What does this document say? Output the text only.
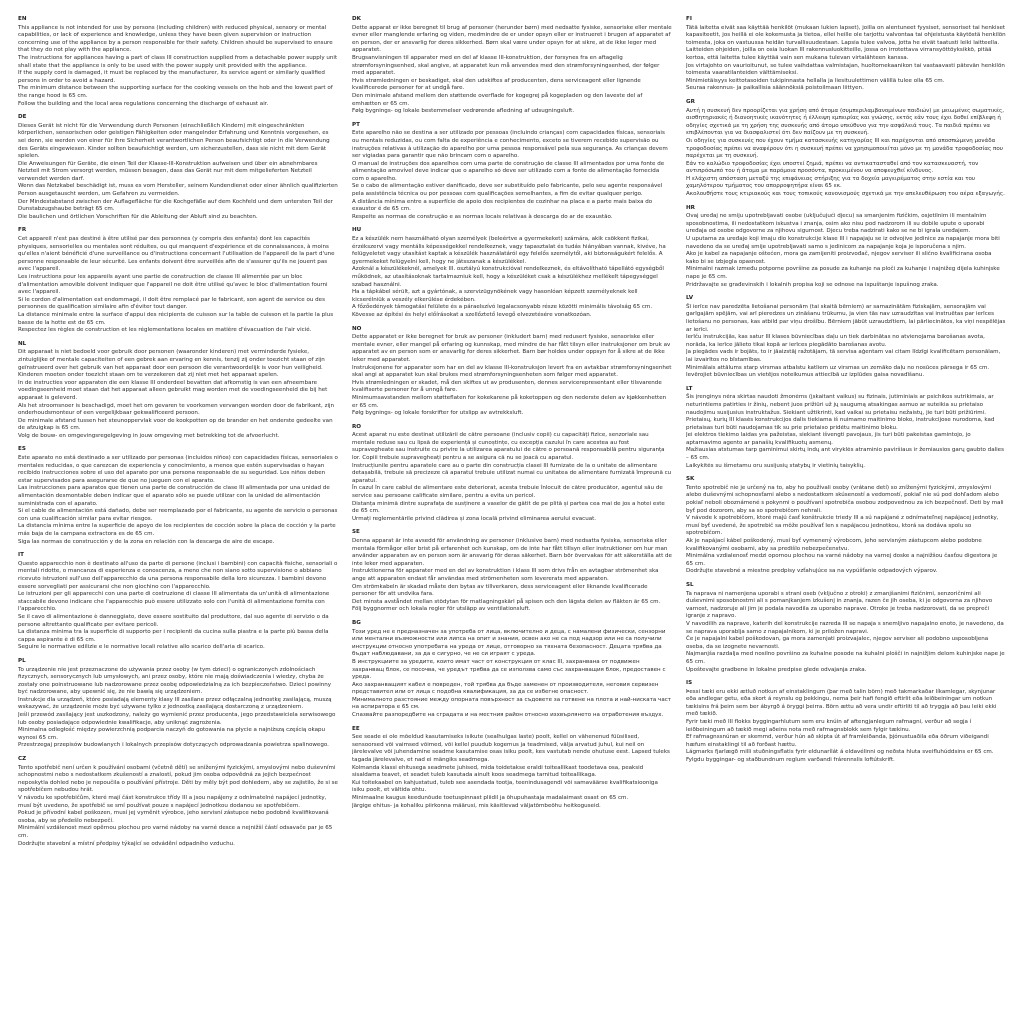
EN

This appliance is not intended for use by persons (including children) with reduced physical, sensory or mental capabilities, or lack of experience and knowledge, unless they have been given supervision or instruction concerning use of the appliance by a person responsible for their safety. Children should be supervised to ensure that they do not play with the appliance.
The instructions for appliances having a part of class III construction supplied from a detachable power supply unit shall state that the appliance is only to be used with the power supply unit provided with the appliance.
If the supply cord is damaged, it must be replaced by the manufacturer, its service agent or similarly qualified persons in order to avoid a hazard.
The minimum distance between the supporting surface for the cooking vessels on the hob and the lowest part of the range hood is 65 cm.
Follow the building and the local area regulations concerning the discharge of exhaust air.

DE

Dieses Gerät ist nicht für die Verwendung durch Personen (einschließlich Kindern) mit eingeschränkten körperlichen, sensorischen oder geistigen Fähigkeiten oder mangelnder Erfahrung und Kenntnis vorgesehen, es sei denn, sie werden von einer für ihre Sicherheit verantwortlichen Person beaufsichtigt oder in die Verwendung des Geräts eingewiesen. Kinder sollten beaufsichtigt werden, um sicherzustellen, dass sie nicht mit dem Gerät spielen.
Die Anweisungen für Geräte, die einen Teil der Klasse-III-Konstruktion aufweisen und über ein abnehmbares Netzteil mit Strom versorgt werden, müssen besagen, dass das Gerät nur mit dem mitgelieferten Netzteil verwendet werden darf.
Wenn das Netzkabel beschädigt ist, muss es vom Hersteller, seinem Kundendienst oder einer ähnlich qualifizierten Person ausgetauscht werden, um Gefahren zu vermeiden.
Der Mindestabstand zwischen der Auflagefläche für die Kochgefäße auf dem Kochfeld und dem untersten Teil der Dunstabzugshaube beträgt 65 cm.
Die baulichen und örtlichen Vorschriften für die Ableitung der Abluft sind zu beachten.

FR

Cet appareil n'est pas destiné à être utilisé par des personnes (y compris des enfants) dont les capacités physiques, sensorielles ou mentales sont réduites, ou qui manquent d'expérience et de connaissances, à moins qu'elles n'aient bénéficié d'une surveillance ou d'instructions concernant l'utilisation de l'appareil de la part d'une personne responsable de leur sécurité. Les enfants doivent être surveillés afin de s'assurer qu'ils ne jouent pas avec l'appareil.
Les instructions pour les appareils ayant une partie de construction de classe III alimentée par un bloc d'alimentation amovible doivent indiquer que l'appareil ne doit être utilisé qu'avec le bloc d'alimentation fourni avec l'appareil.
Si le cordon d'alimentation est endommagé, il doit être remplacé par le fabricant, son agent de service ou des personnes de qualification similaire afin d'éviter tout danger.
La distance minimale entre la surface d'appui des récipients de cuisson sur la table de cuisson et la partie la plus basse de la hotte est de 65 cm.
Respectez les règles de construction et les réglementations locales en matière d'évacuation de l'air vicié.

NL

Dit apparaat is niet bedoeld voor gebruik door personen (waaronder kinderen) met verminderde fysieke, zintuiglijke of mentale capaciteiten of een gebrek aan ervaring en kennis, tenzij zij onder toezicht staan of zijn geïnstrueerd over het gebruik van het apparaat door een persoon die verantwoordelijk is voor hun veiligheid. Kinderen moeten onder toezicht staan om te verzekeren dat zij niet met het apparaat spelen.
In de instructies voor apparaten die een klasse III onderdeel bevatten dat afkomstig is van een afneembare voedingseenheid moet staan dat het apparaat alleen gebruikt mag worden met de voedingseenheid die bij het apparaat is geleverd.
Als het stroomsnoer is beschadigd, moet het om gevaren te voorkomen vervangen worden door de fabrikant, zijn onderhoudsmonteur of een vergelijkbaar gekwalificeerd persoon.
De minimale afstand tussen het steunoppervlak voor de kookpotten op de brander en het onderste gedeelte van de afzuigkap is 65 cm.
Volg de bouw- en omgevingsregelgeving in jouw omgeving met betrekking tot de afvoerlucht.

ES

Este aparato no está destinado a ser utilizado por personas (incluidos niños) con capacidades físicas, sensoriales o mentales reducidas, o que carezcan de experiencia y conocimiento, a menos que estén supervisadas o hayan recibido instrucciones sobre el uso del aparato por una persona responsable de su seguridad. Los niños deben estar supervisados para asegurarse de que no jueguen con el aparato.
Las instrucciones para aparatos que tienen una parte de construcción de clase III alimentada por una unidad de alimentación desmontable deben indicar que el aparato sólo se puede utilizar con la unidad de alimentación suministrada con el aparato.
Si el cable de alimentación está dañado, debe ser reemplazado por el fabricante, su agente de servicio o personas con una cualificación similar para evitar riesgos.
La distancia mínima entre la superficie de apoyo de los recipientes de cocción sobre la placa de cocción y la parte más baja de la campana extractora es de 65 cm.
Siga las normas de construcción y de la zona en relación con la descarga de aire de escape.

IT

Questo apparecchio non è destinato all'uso da parte di persone (inclusi i bambini) con capacità fisiche, sensoriali o mentali ridotte, o mancanza di esperienza e conoscenza, a meno che non siano sotto supervisione o abbiano ricevuto istruzioni sull'uso dell'apparecchio da una persona responsabile della loro sicurezza. I bambini devono essere sorvegliati per assicurarsi che non giochino con l'apparecchio.
Le istruzioni per gli apparecchi con una parte di costruzione di classe III alimentata da un'unità di alimentazione staccabile devono indicare che l'apparecchio può essere utilizzato solo con l'unità di alimentazione fornita con l'apparecchio.
Se il cavo di alimentazione è danneggiato, deve essere sostituito dal produttore, dal suo agente di servizio o da persone altrettanto qualificate per evitare pericoli.
La distanza minima tra la superficie di supporto per i recipienti da cucina sulla piastra e la parte più bassa della cappa aspirante è di 65 cm.
Seguire le normative edilizie e le normative locali relative allo scarico dell'aria di scarico.

PL

To urządzenie nie jest przeznaczone do używania przez osoby (w tym dzieci) o ograniczonych zdolnościach fizycznych, sensorycznych lub umysłowych, ani przez osoby, które nie mają doświadczenia i wiedzy, chyba że zostały one poinstruowane lub nadzorowane przez osobę odpowiedzialną za ich bezpieczeństwo. Dzieci powinny być nadzorowane, aby upewnić się, że nie bawią się urządzeniem.
Instrukcje dla urządzeń, które posiadają elementy klasy III zasilane przez odłączalną jednostkę zasilającą, muszą wskazywać, że urządzenie może być używane tylko z jednostką zasilającą dostarczoną z urządzeniem.
Jeśli przewód zasilający jest uszkodzony, należy go wymienić przez producenta, jego przedstawiciela serwisowego lub osoby posiadające odpowiednie kwalifikacje, aby uniknąć zagrożenia.
Minimalna odległość między powierzchnią podparcia naczyń do gotowania na płycie a najniższą częścią okapu wynosi 65 cm.
Przestrzegaj przepisów budowlanych i lokalnych przepisów dotyczących odprowadzania powietrza spalinowego.

CZ

Tento spotřebič není určen k používání osobami (včetně dětí) se sníženými fyzickými, smyslovými nebo duševními schopnostmi nebo s nedostatkem zkušeností a znalostí, pokud jim osoba odpovědná za jejich bezpečnost neposkytla dohled nebo je nepoučila o používání přístroje. Děti by měly být pod dohledem, aby se zajistilo, že si se spotřebičem nebudou hrát.
V návodu ke spotřebičům, které mají část konstrukce třídy III a jsou napájeny z odnímatelné napájecí jednotky, musí být uvedeno, že spotřebič se smí používat pouze s napájecí jednotkou dodanou se spotřebičem.
Pokud je přívodní kabel poškozen, musí jej vyměnit výrobce, jeho servisní zástupce nebo podobně kvalifikovaná osoba, aby se předešlo nebezpečí.
Minimální vzdálenost mezi opěrnou plochou pro varné nádoby na varné desce a nejnižší částí odsavače par je 65 cm.
Dodržujte stavební a místní předpisy týkající se odvádění odpadního vzduchu.

DK

Dette apparat er ikke beregnet til brug af personer (herunder børn) med nedsatte fysiske, sensoriske eller mentale evner eller manglende erfaring og viden, medmindre de er under opsyn eller er instrueret i brugen af apparatet af en person, der er ansvarlig for deres sikkerhed. Børn skal være under opsyn for at sikre, at de ikke leger med apparatet.
Brugsanvisningen til apparater med en del af klasse III-konstruktion, der forsynes fra en aftagelig strømforsyningsenhed, skal angive, at apparatet kun må anvendes med den strømforsyningsenhed, der følger med apparatet.
Hvis strømledningen er beskadiget, skal den udskiftes af producenten, dens serviceagent eller lignende kvalificerede personer for at undgå fare.
Den minimale afstand mellem den støttende overflade for kogegrej på kogepladen og den laveste del af emhætten er 65 cm.
Følg bygnings- og lokale bestemmelser vedrørende afledning af udsugningsluft.

PT

Este aparelho não se destina a ser utilizado por pessoas (incluindo crianças) com capacidades físicas, sensoriais ou mentais reduzidas, ou com falta de experiência e conhecimento, exceto se tiverem recebido supervisão ou instruções relativas à utilização do aparelho por uma pessoa responsável pela sua segurança. As crianças devem ser vigiadas para garantir que não brincam com o aparelho.
O manual de instruções dos aparelhos com uma parte de construção de classe III alimentados por uma fonte de alimentação amovível deve indicar que o aparelho só deve ser utilizado com a fonte de alimentação fornecida com o aparelho.
Se o cabo de alimentação estiver danificado, deve ser substituído pelo fabricante, pelo seu agente responsável pela assistência técnica ou por pessoas com qualificações semelhantes, a fim de evitar qualquer perigo.
A distância mínima entre a superfície de apoio dos recipientes de cozinhar na placa e a parte mais baixa do exaustor é de 65 cm.
Respeite as normas de construção e as normas locais relativas à descarga do ar de exaustão.

HU

Ez a készülék nem használható olyan személyek (beleértve a gyermekeket) számára, akik csökkent fizikai, érzékszervi vagy mentális képességekkel rendelkeznek, vagy tapasztalat és tudás hiányában vannak, kivéve, ha felügyeletet vagy utasítást kaptak a készülék használatáról egy felelős személytől, aki biztonságukért felelős. A gyermekeket felügyelni kell, hogy ne játsszanak a készülékkel.
Azoknál a készülékeknél, amelyek III. osztályú konstrukcióval rendelkeznek, és eltávolítható tápellátó egységből működnek, az utasításoknak tartalmazniuk kell, hogy a készüléket csak a készülékhez mellékelt tápegységgel szabad használni.
Ha a tápkábel sérült, azt a gyártónak, a szervizügynökének vagy hasonlóan képzett személyeknek kell kicserélniük a veszély elkerülése érdekében.
A főzőedények támogatási felülete és a páraelszívó legalacsonyabb része közötti minimális távolság 65 cm.
Kövesse az építési és helyi előírásokat a szellőztető levegő elvezetésére vonatkozóan.

NO

Dette apparatet er ikke beregnet for bruk av personer (inkludert barn) med redusert fysiske, sensoriske eller mentale evner, eller mangel på erfaring og kunnskap, med mindre de har fått tilsyn eller instruksjoner om bruk av apparatet av en person som er ansvarlig for deres sikkerhet. Barn bør holdes under oppsyn for å sikre at de ikke leker med apparatet.
Instruksjonene for apparater som har en del av klasse III-konstruksjon levert fra en avtakbar strømforsyningsenhet skal angi at apparatet kun skal brukes med strømforsyningsenheten som følger med apparatet.
Hvis strømledningen er skadet, må den skiftes ut av produsenten, dennes servicerepresentant eller tilsvarende kvalifiserte personer for å unngå fare.
Minimumsavstanden mellom støtteflaten for kokekarene på koketoppen og den nederste delen av kjøkkenhetten er 65 cm.
Følg bygnings- og lokale forskrifter for utslipp av avtrekksluft.

RO

Acest aparat nu este destinat utilizării de către persoane (inclusiv copii) cu capacități fizice, senzoriale sau mentale reduse sau cu lipsă de experiență și cunoștințe, cu excepția cazului în care acestea au fost supravegheate sau instruite cu privire la utilizarea aparatului de către o persoană responsabilă pentru siguranța lor. Copiii trebuie supravegheați pentru a se asigura că nu se joacă cu aparatul.
Instrucțiunile pentru aparatele care au o parte din construcția clasei III furnizate de la o unitate de alimentare detașabilă, trebuie să precizeze că aparatul trebuie utilizat numai cu unitatea de alimentare furnizată împreună cu aparatul.
În cazul în care cablul de alimentare este deteriorat, acesta trebuie înlocuit de către producător, agentul său de service sau persoane calificate similare, pentru a evita un pericol.
Distanța minimă dintre suprafața de susținere a vaselor de gătit de pe plită și partea cea mai de jos a hotei este de 65 cm.
Urmați reglementările privind clădirea și zona locală privind eliminarea aerului evacuat.

SE

Denna apparat är inte avsedd för användning av personer (inklusive barn) med nedsatta fysiska, sensoriska eller mentala förmågor eller brist på erfarenhet och kunskap, om de inte har fått tillsyn eller instruktioner om hur man använder apparaten av en person som är ansvarig för deras säkerhet. Barn bör övervakas för att säkerställa att de inte leker med apparaten.
Instruktionerna för apparater med en del av konstruktion i klass III som drivs från en avtagbar strömenhet ska ange att apparaten endast får användas med strömenheten som levererats med apparaten.
Om strömkabeln är skadad måste den bytas av tillverkaren, dess serviceagent eller liknande kvalificerade personer för att undvika fara.
Det minsta avståndet mellan stödytan för matlagningskärl på spisen och den lägsta delen av fläkten är 65 cm.
Följ byggnormer och lokala regler för utsläpp av ventilationsluft.

BG

Този уред не е предназначен за употреба от лица, включително и деца, с намалени физически, сензорни или ментални възможности или липса на опит и знания, освен ако не са под надзор или не са получили инструкции относно употребата на уреда от лице, отговорно за тяхната безопасност. Децата трябва да бъдат наблюдавани, за да е сигурно, че не си играят с уреда.
В инструкциите за уредите, които имат част от конструкция от клас III, захранвана от подвижен захранващ блок, се посочва, че уредът трябва да се използва само със захранващия блок, предоставен с уреда.
Ако захранващият кабел е повреден, той трябва да бъде заменен от производителя, неговия сервизен представител или от лица с подобна квалификация, за да се избегне опасност.
Минималното разстояние между опорната повърхност за съдовете за готвене на плота и най-ниската част на аспиратора е 65 см.
Спазвайте разпоредбите на сградата и на местния район относно изхвърлянето на отработения въздух.

EE

See seade ei ole mõeldud kasutamiseks isikute (sealhulgas laste) poolt, kellel on vähenenud füüsilised, sensoorsed või vaimsed võimed, või kellel puudub kogemus ja teadmised, välja arvatud juhul, kui neil on järelevalve või juhendamine seadme kasutamise osas isiku poolt, kes vastutab nende ohutuse eest. Lapsed tuleks tagada järelevalve, et nad ei mängiks seadmega.
Kolmanda klassi ehitusega seadmete juhised, mida toidetakse eraldi toiteallikast toodetava osa, peaksid sisaldama teavet, et seadet tuleb kasutada ainult koos seadmega tarnitud toiteallikaga.
Kui toitekaabel on kahjustatud, tuleb see asendada tootja, teenindusagendi või samaväärse kvalifikatsiooniga isiku poolt, et vältida ohtu.
Minimaalne kaugus keedunõude toetuspinnast pliidil ja õhupuhastaja madalaimast osast on 65 cm.
Järgige ehitus- ja kohaliku piirkonna määrusi, mis käsitlevad väljatõmbeõhu heitkoguseid.

FI

Tätä laitetta eivät saa käyttää henkilöt (mukaan lukien lapset), joilla on alentuneet fyysiset, sensoriset tai henkiset kapasiteetit, jos heillä ei ole kokemusta ja tietoa, ellei heille ole tarjottu valvontaa tai ohjeistusta käytöstä henkilön toimesta, joka on vastuussa heidän turvallisuudestaan. Lapsia tulee valvoa, jotta he eivät taatusti leiki laitteella.
Laitteiden ohjeiden, joilla on osia luokan III rakennusluokitteille, jossa on irrotettava virransyöttöyksikkö, pitää kertoa, että laitetta tulee käyttää vain sen mukana tulevan virtalähteen kanssa.
Jos virtajohto on vaurioitunut, se tulee vaihdattaa valmistajan, huoltomekaanikon tai vastaavasti pätevän henkilön toimesta vaaratilanteiden välttämiseksi.
Minimietäisyys keittotasoiden tukipinnasta hellalla ja liesituulettimen välillä tulee olla 65 cm.
Seuraa rakennus- ja paikallisia säännöksiä poistoilmaan liittyen.

GR

Αυτή η συσκευή δεν προορίζεται για χρήση από άτομα (συμπεριλαμβανομένων παιδιών) με μειωμένες σωματικές, αισθητηριακές ή διανοητικές ικανότητες ή έλλειψη εμπειρίας και γνώσης, εκτός εάν τους έχει δοθεί επίβλεψη ή οδηγίες σχετικά με τη χρήση της συσκευής από άτομο υπεύθυνο για την ασφάλειά τους. Τα παιδιά πρέπει να επιβλέπονται για να διασφαλιστεί ότι δεν παίζουν με τη συσκευή.
Οι οδηγίες για συσκευές που έχουν τμήμα κατασκευής κατηγορίας III και παρέχονται από αποσπώμενη μονάδα τροφοδοσίας πρέπει να αναφέρουν ότι η συσκευή πρέπει να χρησιμοποιείται μόνο με τη μονάδα τροφοδοσίας που παρέχεται με τη συσκευή.
Εάν το καλώδιο τροφοδοσίας έχει υποστεί ζημιά, πρέπει να αντικατασταθεί από τον κατασκευαστή, τον αντιπρόσωπό του ή άτομα με παρόμοια προσόντα, προκειμένου να αποφευχθεί κίνδυνος.
Η ελάχιστη απόσταση μεταξύ της επιφάνειας στήριξης για τα δοχεία μαγειρέματος στην εστία και του χαμηλότερου τμήματος του απορροφητήρα είναι 65 εκ.
Ακολουθήστε τους κτιριακούς και τους τοπικούς κανονισμούς σχετικά με την απελευθέρωση του αέρα εξαγωγής.

HR

Ovaj uređaj ne smiju upotrebljavati osobe (uključujući djecu) sa smanjenim fizičkim, osjetilnim ili mentalnim sposobnostima, ili nedostatkom iskustva i znanja, osim ako nisu pod nadzorom ili su dobile upute o uporabi uređaja od osobe odgovorne za njihovu sigurnost. Djecu treba nadzirati kako se ne bi igrala uređajem.
U uputama za uređaje koji imaju dio konstrukcije klase III i napajaju se iz odvojive jedinice za napajanje mora biti navedeno da se uređaj smije upotrebljavati samo s jedinicom za napajanje koja je isporučena s njim.
Ako je kabel za napajanje oštećen, mora ga zamijeniti proizvođač, njegov serviser ili slično kvalificirana osoba kako bi se izbjegla opasnost.
Minimalni razmak između potporne površine za posude za kuhanje na ploči za kuhanje i najnižeg dijela kuhinjske nape je 65 cm.
Pridržavajte se građevinskih i lokalnih propisa koji se odnose na ispuštanje ispušnog zraka.

LV

Šī ierīce nav paredzēta lietošanai personām (tai skaitā bērniem) ar samazinātām fiziskajām, sensorajām vai garīgajām spējām, vai arī pieredzes un zināšanu trūkumu, ja vien tās nav uzraudzītas vai instruētas par ierīces lietošanu no personas, kas atbild par viņu drošību. Bērniem jābūt uzraudzītiem, lai pārliecinātos, ka viņi nespēlējas ar ierīci.
Ierīču instrukcijās, kas satur III klases būvniecības daļu un tiek darbinātas no atvienojama barošanas avota, norāda, ka ierīce jālieto tikai kopā ar ierīces piegādāto barošanas avotu.
Ja piegādes vads ir bojāts, to ir jāaizstāj ražotājam, tā servisa aģentam vai citam līdzīgi kvalificētam personālam, lai izvairītos no bīstamības.
Minimālais attālums starp virsmas atbalstu katliem uz virsmas un zemāko daļu no nosūces pārsega ir 65 cm.
Ievērojiet būvniecības un vietējos noteikumus attiecībā uz izplūdes gaisa novadīšanu.

LT

Šis įrenginys nėra skirtas naudoti žmonėms (įskaitant vaikus) su fizinais, jutiminiais ar psichikos sutrikimais, ar neturintiems patirties ir žinių, nebent juos prižiūri už jų saugumą atsakingas asmuo ar suteikia su prietaiso naudojimu susijusius instruktažus. Siekiant užtikrinti, kad vaikai su prietaisu nežaistų, jie turi būti prižiūrimi.
Prietaisų, kurių III klasės konstrukcijos dalis tiekiama iš nuimamo maitinimo bloko, instrukcijose nurodoma, kad prietaisas turi būti naudojamas tik su prie prietaiso pridėtu maitinimo bloku.
Jei elektros tiekimo laidas yra pažeistas, siekiant išvengti pavojaus, jis turi būti pakeistas gamintojo, jo aptarnavimo agento ar panašių kvalifikuotų asmenų.
Mažiausias atstumas tarp gaminimui skirtų indų ant viryklės atraminio paviršiaus ir žemiausios garų gaubto dalies – 65 cm.
Laikykitės su išmetamu oru susijusių statybų ir vietinių taisyklių.

SK

Tento spotrebič nie je určený na to, aby ho používali osoby (vrátane detí) so zníženými fyzickými, zmyslovými alebo duševnými schopnosťami alebo s nedostatkom skúseností a vedomostí, pokiaľ nie sú pod dohľadom alebo pokiaľ neboli oboznámené s pokynmi o používaní spotrebiča osobou zodpovednou za ich bezpečnosť. Deti by mali byť pod dozorom, aby sa so spotrebičom nehrali.
V návode k spotrebičom, ktoré majú časť konštrukcie triedy III a sú napájané z odnímateľnej napájacej jednotky, musí byť uvedené, že spotrebič sa môže používať len s napájacou jednotkou, ktorá sa dodáva spolu so spotrebičom.
Ak je napájací kábel poškodený, musí byť vymenený výrobcom, jeho servisným zástupcom alebo podobne kvalifikovanými osobami, aby sa predišlo nebezpečenstvu.
Minimálna vzdialenosť medzi opornou plochou na varné nádoby na varnej doske a najnižšou časťou digestora je 65 cm.
Dodržujte stavebné a miestne predpisy vzťahujúce sa na vypúšťanie odpadových výparov.

SL

Ta naprava ni namenjena uporabi s strani oseb (vključno z otroki) z zmanjšanimi fizičnimi, senzoričnimi ali duševnimi sposobnostmi ali s pomanjkanjem izkušenj in znanja, razen če jih oseba, ki je odgovorna za njihovo varnost, nadzoruje ali jim je podala navodila za uporabo naprave. Otroke je treba nadzorovati, da se prepreči igranje z napravo.
V navodilih za naprave, katerih del konstrukcije razreda III se napaja s snemljivo napajalno enoto, je navedeno, da se naprava uporablja samo z napajalnikom, ki je priložen napravi.
Če je napajalni kabel poškodovan, ga mora zamenjati proizvajalec, njegov serviser ali podobno usposobljena oseba, da se izognete nevarnosti.
Najmanjša razdalja med nosilno površino za kuhalne posode na kuhalni plošči in najnižjim delom kuhinjske nape je 65 cm.
Upoštevajte gradbene in lokalne predpise glede odvajanja zraka.

IS

Þessi tæki eru ekki ætluð notkun af einstaklingum (þar með talin börn) með takmarkaðar líkamlegar, skynjunar eða andlegar getu, eða skort á reynslu og þekkingu, nema þeir hafi fengið eftirlit eða leiðbeiningar um notkun tækisins frá þeim sem ber ábyrgð á öryggi þeirra. Börn ættu að vera undir eftirliti til að tryggja að þau leiki ekki með tækið.
Fyrir tæki með III flokks byggingarhlutum sem eru knúin af aftengjanlegum rafmagni, verður að segja í leiðbeiningum að tækið megi aðeins nota með rafmagnsblokk sem fylgir tækinu.
Ef rafmagnssnúran er skemmd, verður hún að skipta út af framleiðanda, þjónustuaðila eða öðrum viðeigandi hæfum einstaklingi til að forðast hættu.
Lágmarks fjarlægð milli stuðningsflatis fyrir eldunarílát á eldavélinni og neðsta hluta sveifluhúddsins er 65 cm.
Fylgdu byggingar- og staðbundnum reglum varðandi frárennslis loftútskrift.
